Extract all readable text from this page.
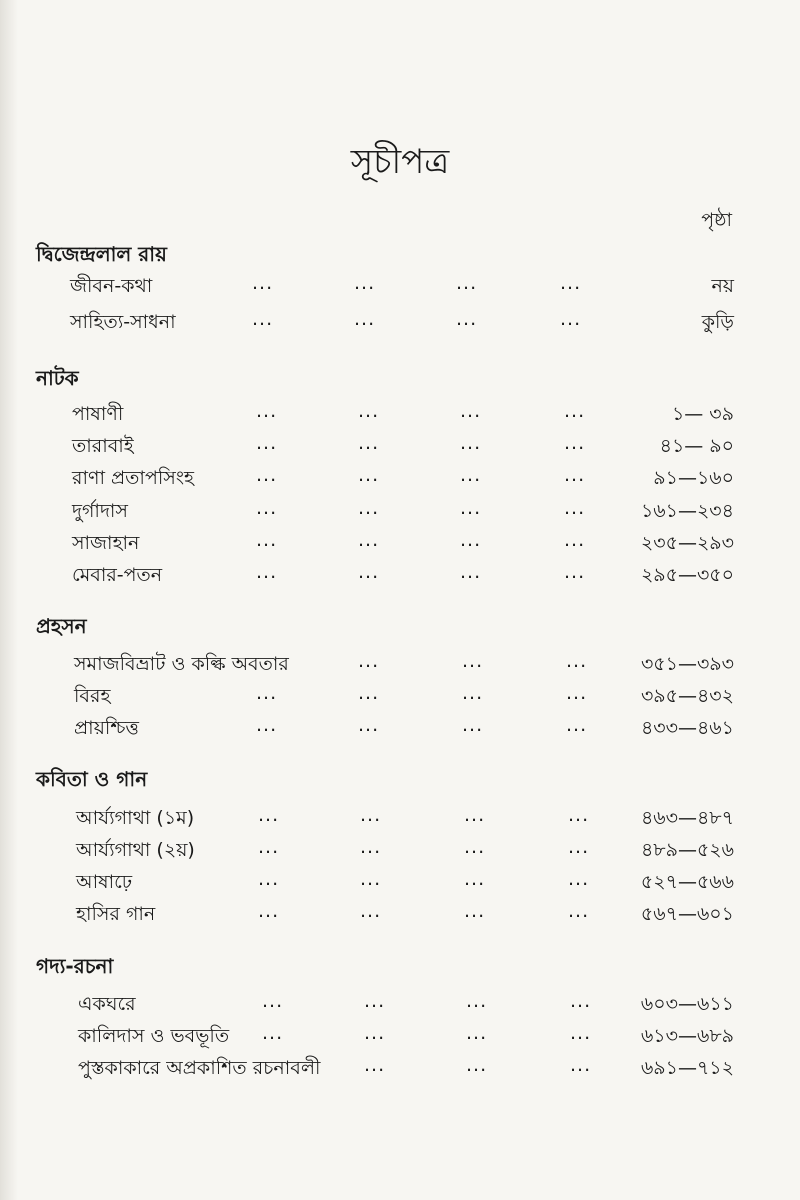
সূচীপত্র
পৃষ্ঠা
দ্বিজেন্দ্রলাল রায়
জীবন-কথা	...	...	...	...	নয়
সাহিত্য-সাধনা	...	...	...	...	কুড়ি
নাটক
পাষাণী	...	...	...	...	১— ৩৯
তারাবাই	...	...	...	...	৪১— ৯০
রাণা প্রতাপসিংহ	...	...	...	...	৯১—১৬০
দুর্গাদাস	...	...	...	...	১৬১—২৩৪
সাজাহান	...	...	...	...	২৩৫—২৯৩
মেবার-পতন	...	...	...	...	২৯৫—৩৫০
প্রহসন
সমাজবিভ্রাট ও কল্কি অবতার	...	...	...	৩৫১—৩৯৩
বিরহ	...	...	...	...	৩৯৫—৪৩২
প্রায়শ্চিত্ত	...	...	...	...	৪৩৩—৪৬১
কবিতা ও গান
আর্য্যগাথা (১ম)	...	...	...	...	৪৬৩—৪৮৭
আর্য্যগাথা (২য়)	...	...	...	...	৪৮৯—৫২৬
আষাঢ়ে	...	...	...	...	৫২৭—৫৬৬
হাসির গান	...	...	...	...	৫৬৭—৬০১
গদ্য-রচনা
একঘরে	...	...	...	...	৬০৩—৬১১
কালিদাস ও ভবভূতি ...	...	...	...	৬১৩—৬৮৯
পুস্তকাকারে অপ্রকাশিত রচনাবলী ...	...	...	৬৯১—৭১২
